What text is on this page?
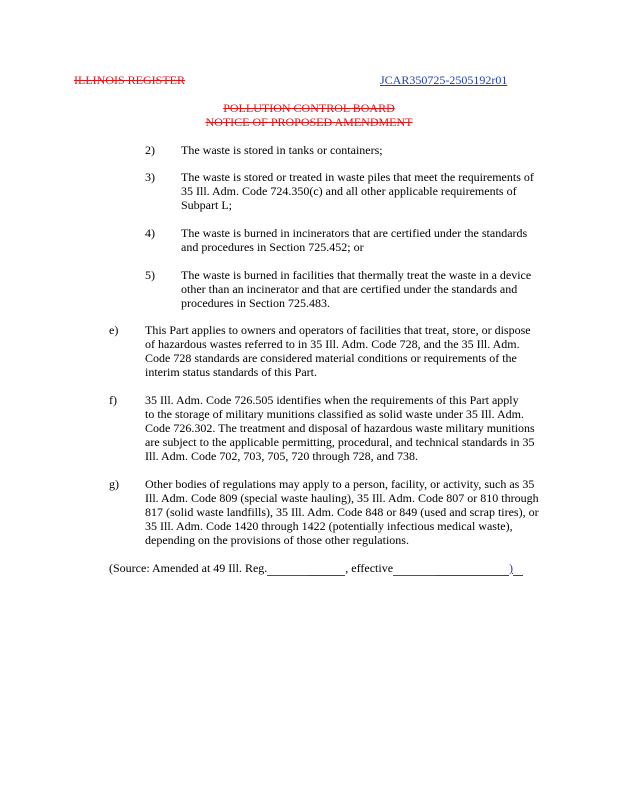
ILLINOIS REGISTER	JCAR350725-2505192r01
POLLUTION CONTROL BOARD
NOTICE OF PROPOSED AMENDMENT
2) The waste is stored in tanks or containers;
3) The waste is stored or treated in waste piles that meet the requirements of
35 Ill. Adm. Code 724.350(c) and all other applicable requirements of
Subpart L;
4) The waste is burned in incinerators that are certified under the standards
and procedures in Section 725.452; or
5) The waste is burned in facilities that thermally treat the waste in a device
other than an incinerator and that are certified under the standards and
procedures in Section 725.483.
e) This Part applies to owners and operators of facilities that treat, store, or dispose
of hazardous wastes referred to in 35 Ill. Adm. Code 728, and the 35 Ill. Adm.
Code 728 standards are considered material conditions or requirements of the
interim status standards of this Part.
f) 35 Ill. Adm. Code 726.505 identifies when the requirements of this Part apply
to the storage of military munitions classified as solid waste under 35 Ill. Adm.
Code 726.302. The treatment and disposal of hazardous waste military munitions
are subject to the applicable permitting, procedural, and technical standards in 35
Ill. Adm. Code 702, 703, 705, 720 through 728, and 738.
g) Other bodies of regulations may apply to a person, facility, or activity, such as 35
Ill. Adm. Code 809 (special waste hauling), 35 Ill. Adm. Code 807 or 810 through
817 (solid waste landfills), 35 Ill. Adm. Code 848 or 849 (used and scrap tires), or
35 Ill. Adm. Code 1420 through 1422 (potentially infectious medical waste),
depending on the provisions of those other regulations.
(Source: Amended at 49 Ill. Reg.	, effective	)
